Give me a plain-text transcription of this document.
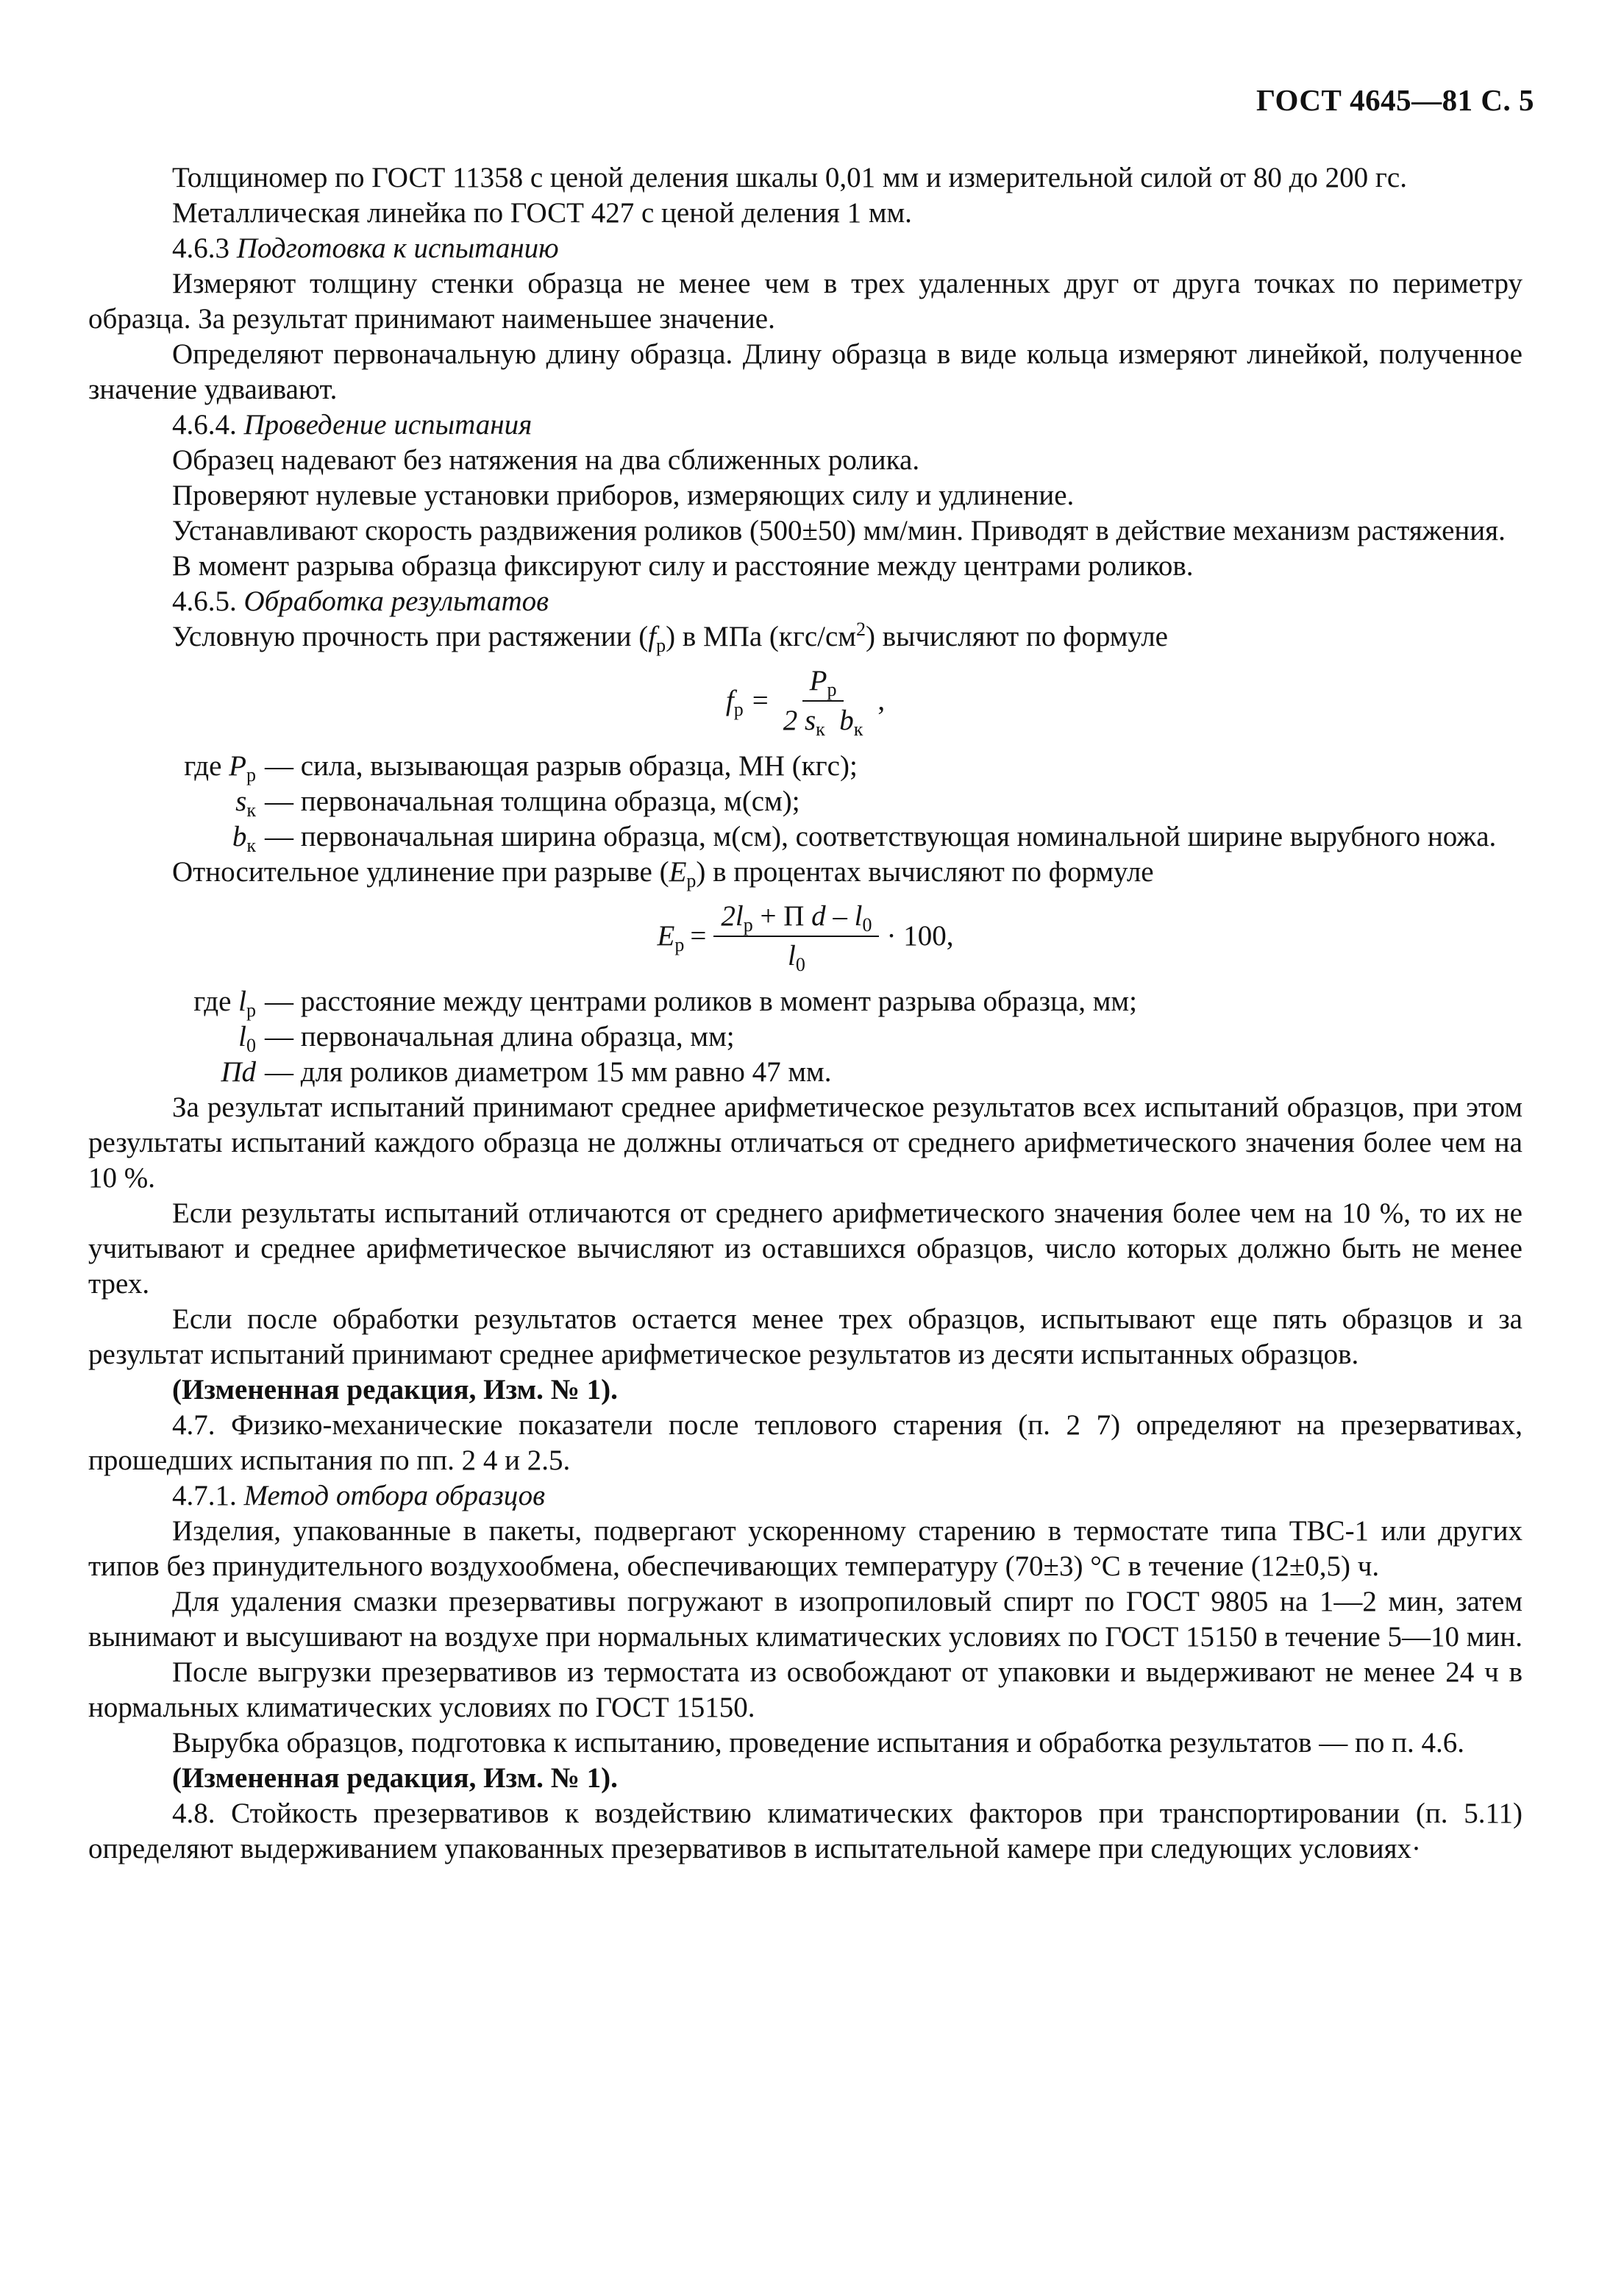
ГОСТ 4645—81 С. 5

Толщиномер по ГОСТ 11358 с ценой деления шкалы 0,01 мм и измерительной силой от 80 до 200 гс.

Металлическая линейка по ГОСТ 427 с ценой деления 1 мм.

4.6.3 Подготовка к испытанию

Измеряют толщину стенки образца не менее чем в трех удаленных друг от друга точках по периметру образца. За результат принимают наименьшее значение.

Определяют первоначальную длину образца. Длину образца в виде кольца измеряют линейкой, полученное значение удваивают.

4.6.4. Проведение испытания

Образец надевают без натяжения на два сближенных ролика.

Проверяют нулевые установки приборов, измеряющих силу и удлинение.

Устанавливают скорость раздвижения роликов (500±50) мм/мин. Приводят в действие механизм растяжения.

В момент разрыва образца фиксируют силу и расстояние между центрами роликов.

4.6.5. Обработка результатов

Условную прочность при растяжении $(f_р)$ в МПа $(кгс/см^2)$ вычисляют по формуле

$f_р = \frac{P_р}{2 s_к b_к}$ ,
где $P_р$ — сила, вызывающая разрыв образца, МН (кгс);
$s_к$ — первоначальная толщина образца, м(см);
$b_к$ — первоначальная ширина образца, м(см), соответствующая номинальной ширине вырубного ножа.

Относительное удлинение при разрыве $(E_р)$ в процентах вычисляют по формуле

$E_р = \frac{2l_р + П d - l_0}{l_0} \cdot 100$,
где $l_р$ — расстояние между центрами роликов в момент разрыва образца, мм;
$l_0$ — первоначальная длина образца, мм;
Пd — для роликов диаметром 15 мм равно 47 мм.

За результат испытаний принимают среднее арифметическое результатов всех испытаний образцов, при этом результаты испытаний каждого образца не должны отличаться от среднего арифметического значения более чем на 10 %.

Если результаты испытаний отличаются от среднего арифметического значения более чем на 10 %, то их не учитывают и среднее арифметическое вычисляют из оставшихся образцов, число которых должно быть не менее трех.

Если после обработки результатов остается менее трех образцов, испытывают еще пять образцов и за результат испытаний принимают среднее арифметическое результатов из десяти испытанных образцов.

(Измененная редакция, Изм. № 1).

4.7. Физико-механические показатели после теплового старения (п. 2 7) определяют на презервативах, прошедших испытания по пп. 2 4 и 2.5.

4.7.1. Метод отбора образцов

Изделия, упакованные в пакеты, подвергают ускоренному старению в термостате типа ТВС-1 или других типов без принудительного воздухообмена, обеспечивающих температуру (70±3) °С в течение (12±0,5) ч.

Для удаления смазки презервативы погружают в изопропиловый спирт по ГОСТ 9805 на 1—2 мин, затем вынимают и высушивают на воздухе при нормальных климатических условиях по ГОСТ 15150 в течение 5—10 мин.

После выгрузки презервативов из термостата из освобождают от упаковки и выдерживают не менее 24 ч в нормальных климатических условиях по ГОСТ 15150.

Вырубка образцов, подготовка к испытанию, проведение испытания и обработка результатов — по п. 4.6.

(Измененная редакция, Изм. № 1).

4.8. Стойкость презервативов к воздействию климатических факторов при транспортировании (п. 5.11) определяют выдерживанием упакованных презервативов в испытательной камере при следующих условиях·
